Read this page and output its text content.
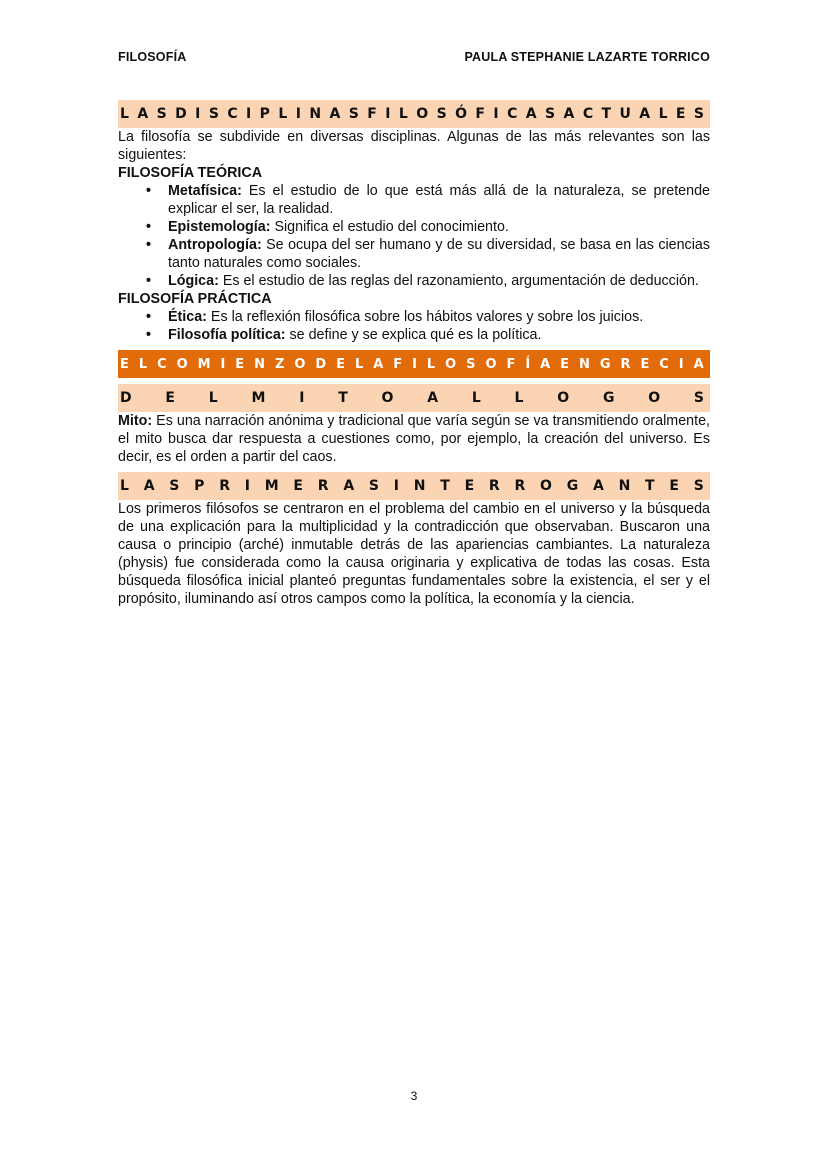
FILOSOFÍA	PAULA STEPHANIE LAZARTE TORRICO
L A S D I S C I P L I N A S F I L O S Ó F I C A S A C T U A L E S

La filosofía se subdivide en diversas disciplinas. Algunas de las más relevantes son las siguientes:

FILOSOFÍA TEÓRICA
• Metafísica: Es el estudio de lo que está más allá de la naturaleza, se pretende explicar el ser, la realidad.
• Epistemología: Significa el estudio del conocimiento.
• Antropología: Se ocupa del ser humano y de su diversidad, se basa en las ciencias tanto naturales como sociales.
• Lógica: Es el estudio de las reglas del razonamiento, argumentación de deducción.
FILOSOFÍA PRÁCTICA
• Ética: Es la reflexión filosófica sobre los hábitos valores y sobre los juicios.
• Filosofía política: se define y se explica qué es la política.
E L C O M I E N Z O D E L A F I L O S O F Í A E N G R E C I A
D E L M I T O A L L O G O S

Mito: Es una narración anónima y tradicional que varía según se va transmitiendo oralmente, el mito busca dar respuesta a cuestiones como, por ejemplo, la creación del universo. Es decir, es el orden a partir del caos.

L A S P R I M E R A S I N T E R R O G A N T E S

Los primeros filósofos se centraron en el problema del cambio en el universo y la búsqueda de una explicación para la multiplicidad y la contradicción que observaban. Buscaron una causa o principio (arché) inmutable detrás de las apariencias cambiantes. La naturaleza (physis) fue considerada como la causa originaria y explicativa de todas las cosas. Esta búsqueda filosófica inicial planteó preguntas fundamentales sobre la existencia, el ser y el propósito, iluminando así otros campos como la política, la economía y la ciencia.

3
